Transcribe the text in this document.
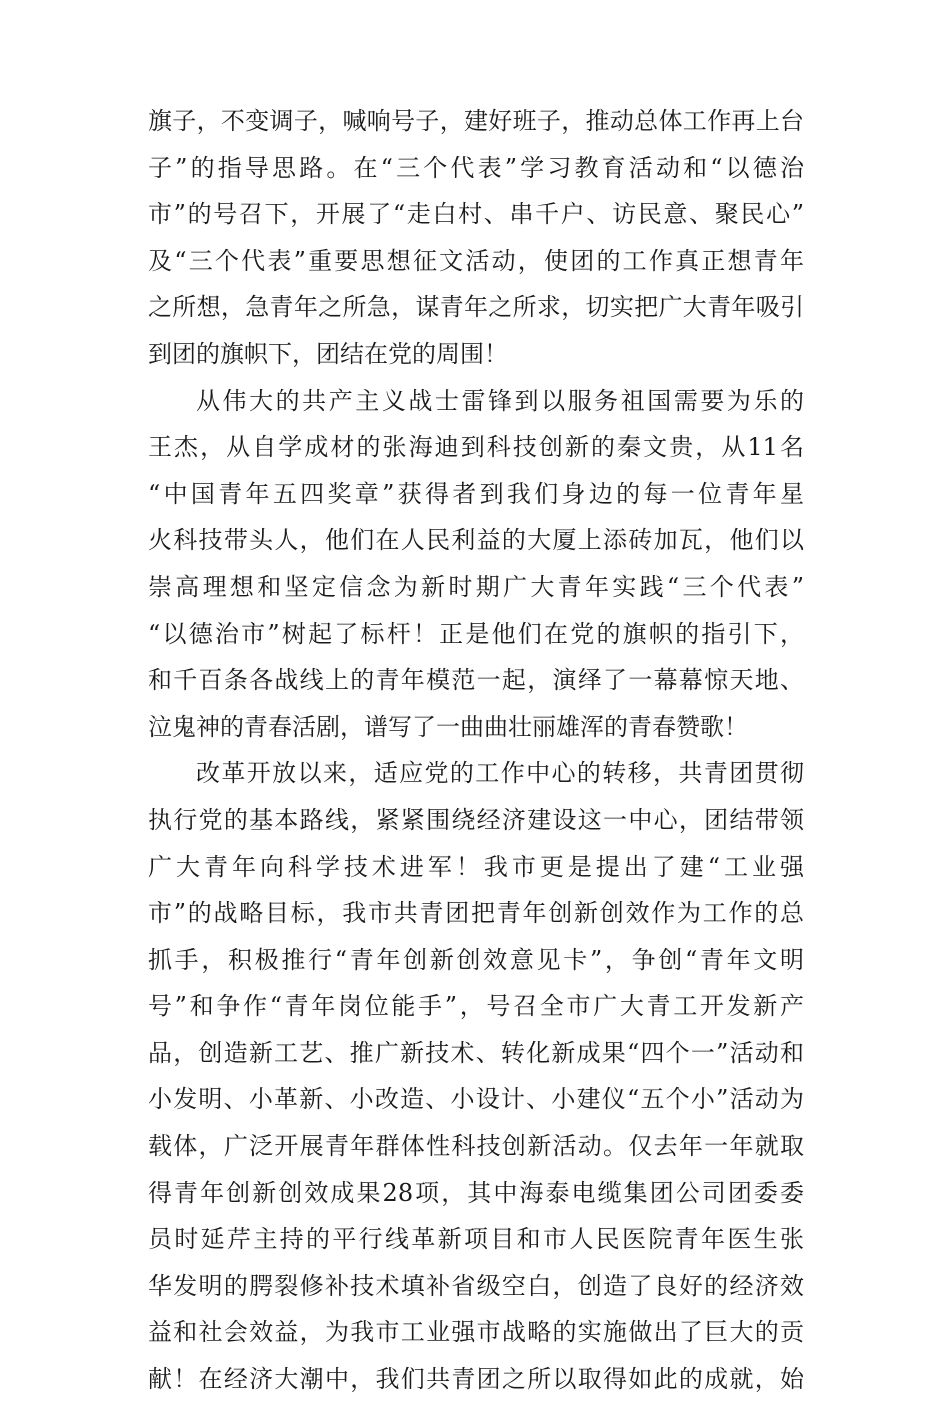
旗子，不变调子，喊响号子，建好班子，推动总体工作再上台
子”的指导思路。在“三个代表”学习教育活动和“以德治
市”的号召下，开展了“走白村、串千户、访民意、聚民心”
及“三个代表”重要思想征文活动，使团的工作真正想青年
之所想，急青年之所急，谋青年之所求，切实把广大青年吸引
到团的旗帜下，团结在党的周围！
从伟大的共产主义战士雷锋到以服务祖国需要为乐的
王杰，从自学成材的张海迪到科技创新的秦文贵，从11名
“中国青年五四奖章”获得者到我们身边的每一位青年星
火科技带头人，他们在人民利益的大厦上添砖加瓦，他们以
崇高理想和坚定信念为新时期广大青年实践“三个代表”
“以德治市”树起了标杆！正是他们在党的旗帜的指引下，
和千百条各战线上的青年模范一起，演绎了一幕幕惊天地、
泣鬼神的青春活剧，谱写了一曲曲壮丽雄浑的青春赞歌！
改革开放以来，适应党的工作中心的转移，共青团贯彻
执行党的基本路线，紧紧围绕经济建设这一中心，团结带领
广大青年向科学技术进军！我市更是提出了建“工业强
市”的战略目标，我市共青团把青年创新创效作为工作的总
抓手，积极推行“青年创新创效意见卡”，争创“青年文明
号”和争作“青年岗位能手”，号召全市广大青工开发新产
品，创造新工艺、推广新技术、转化新成果“四个一”活动和
小发明、小革新、小改造、小设计、小建仪“五个小”活动为
载体，广泛开展青年群体性科技创新活动。仅去年一年就取
得青年创新创效成果28项，其中海泰电缆集团公司团委委
员时延芹主持的平行线革新项目和市人民医院青年医生张
华发明的腭裂修补技术填补省级空白，创造了良好的经济效
益和社会效益，为我市工业强市战略的实施做出了巨大的贡
献！在经济大潮中，我们共青团之所以取得如此的成就，始
